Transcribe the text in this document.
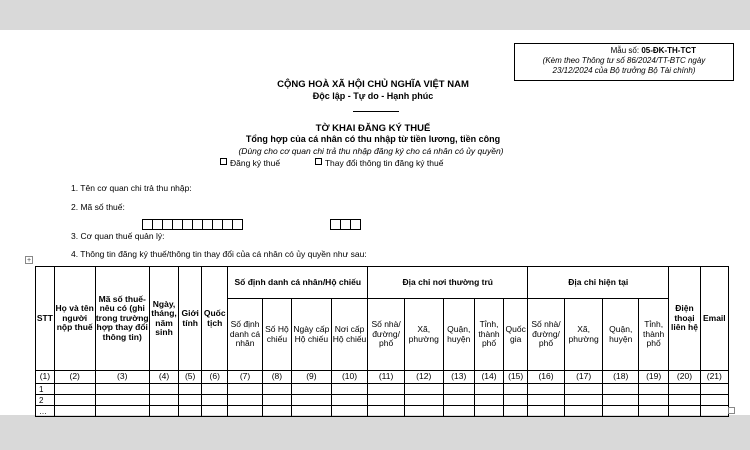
Mẫu số: 05-ĐK-TH-TCT
(Kèm theo Thông tư số 86/2024/TT-BTC ngày
23/12/2024 của Bộ trưởng Bộ Tài chính)
CỘNG HOÀ XÃ HỘI CHỦ NGHĨA VIỆT NAM
Độc lập - Tự do - Hạnh phúc
TỜ KHAI ĐĂNG KÝ THUẾ
Tổng hợp của cá nhân có thu nhập từ tiền lương, tiền công
(Dùng cho cơ quan chi trả thu nhập đăng ký cho cá nhân có ủy quyền)
Đăng ký thuế	Thay đổi thông tin đăng ký thuế
1. Tên cơ quan chi trả thu nhập:
2. Mã số thuế:
3. Cơ quan thuế quản lý:
4. Thông tin đăng ký thuế/thông tin thay đổi của cá nhân có ủy quyền như sau:
+
STT	Họ và tên người nộp thuế	Mã số thuế- nêu có (ghi trong trường hợp thay đổi thông tin)	Ngày, tháng, năm sinh	Giới tính	Quốc tịch	Số định danh cá nhân/Hộ chiếu				Địa chỉ nơi thường trú					Địa chỉ hiện tại				Điện thoại liên hệ	Email
						Số định danh cá nhân	Số Hộ chiếu	Ngày cấp Hộ chiếu	Nơi cấp Hộ chiếu	Số nhà/ đường/ phố	Xã, phường	Quận, huyện	Tỉnh, thành phố	Quốc gia	Số nhà/ đường/ phố	Xã, phường	Quận, huyện	Tỉnh, thành phố		
(1)	(2)	(3)	(4)	(5)	(6)	(7)	(8)	(9)	(10)	(11)	(12)	(13)	(14)	(15)	(16)	(17)	(18)	(19)	(20)	(21)
1																				
2																				
…																				
